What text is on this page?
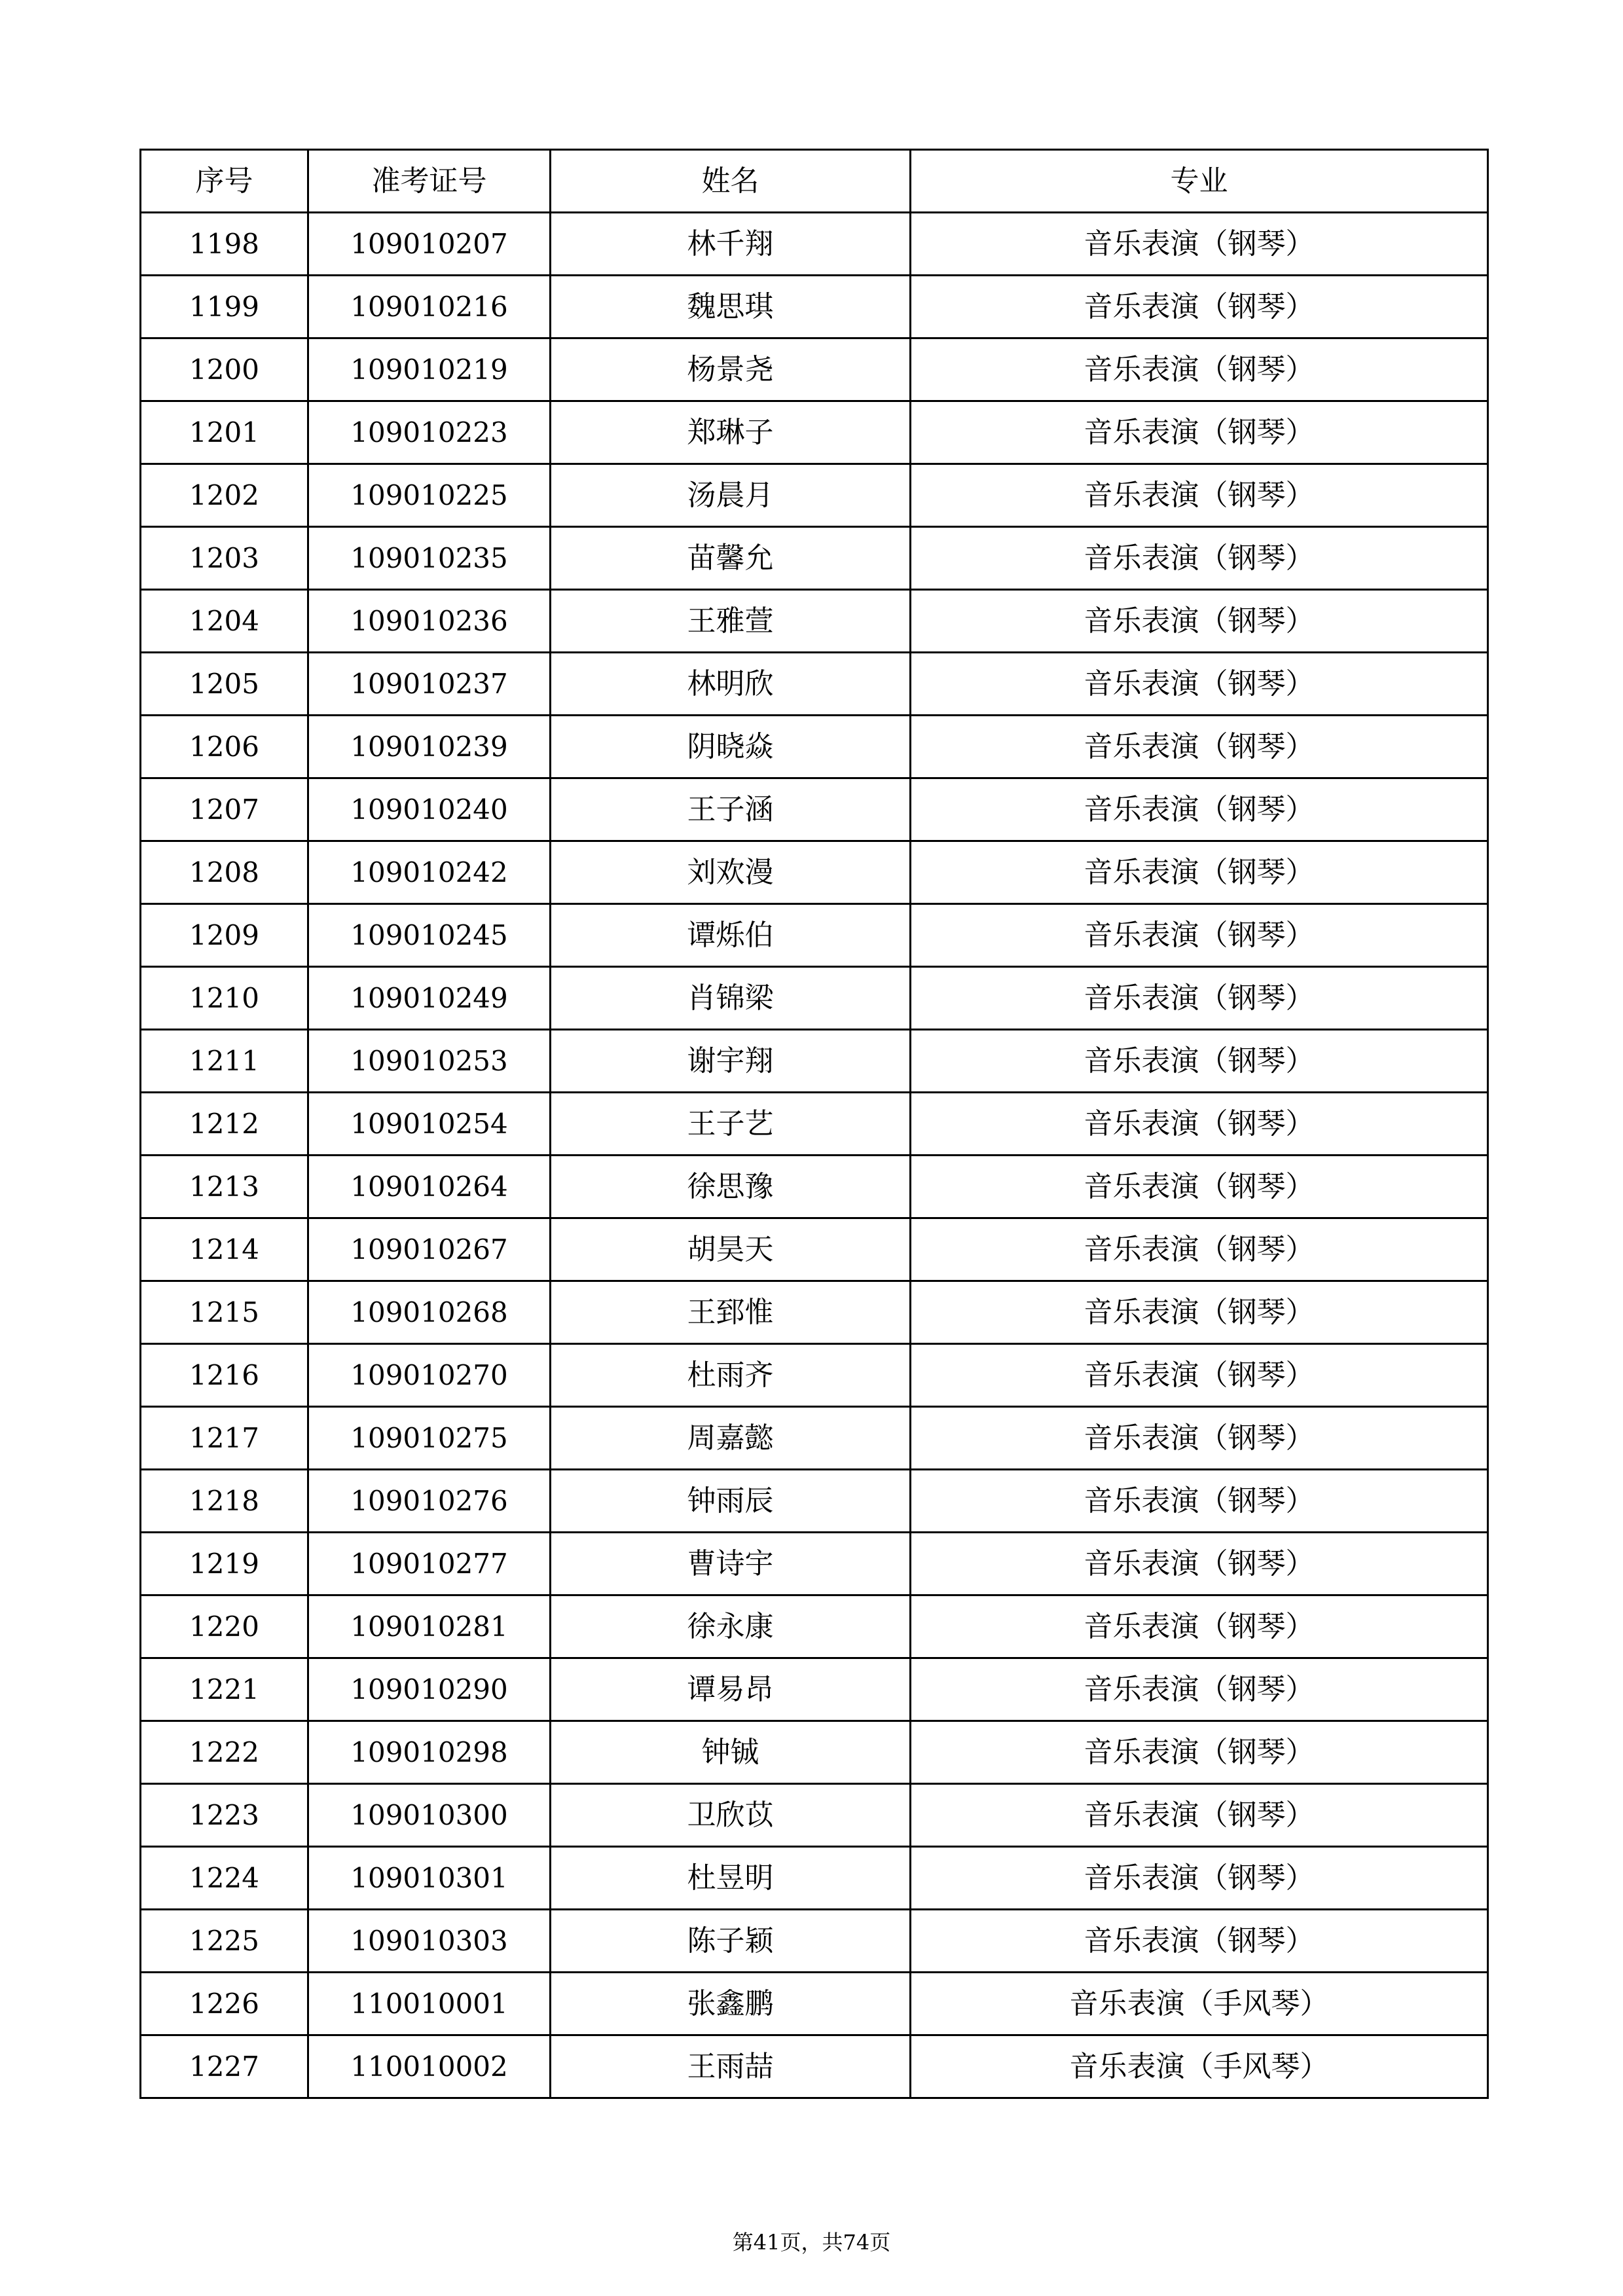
序号	准考证号	姓名	专业
1198	109010207	林千翔	音乐表演（钢琴）
1199	109010216	魏思琪	音乐表演（钢琴）
1200	109010219	杨景尧	音乐表演（钢琴）
1201	109010223	郑琳子	音乐表演（钢琴）
1202	109010225	汤晨月	音乐表演（钢琴）
1203	109010235	苗馨允	音乐表演（钢琴）
1204	109010236	王雅萱	音乐表演（钢琴）
1205	109010237	林明欣	音乐表演（钢琴）
1206	109010239	阴晓焱	音乐表演（钢琴）
1207	109010240	王子涵	音乐表演（钢琴）
1208	109010242	刘欢漫	音乐表演（钢琴）
1209	109010245	谭烁伯	音乐表演（钢琴）
1210	109010249	肖锦梁	音乐表演（钢琴）
1211	109010253	谢宇翔	音乐表演（钢琴）
1212	109010254	王子艺	音乐表演（钢琴）
1213	109010264	徐思豫	音乐表演（钢琴）
1214	109010267	胡昊天	音乐表演（钢琴）
1215	109010268	王郅惟	音乐表演（钢琴）
1216	109010270	杜雨齐	音乐表演（钢琴）
1217	109010275	周嘉懿	音乐表演（钢琴）
1218	109010276	钟雨辰	音乐表演（钢琴）
1219	109010277	曹诗宇	音乐表演（钢琴）
1220	109010281	徐永康	音乐表演（钢琴）
1221	109010290	谭易昂	音乐表演（钢琴）
1222	109010298	钟铖	音乐表演（钢琴）
1223	109010300	卫欣苡	音乐表演（钢琴）
1224	109010301	杜昱明	音乐表演（钢琴）
1225	109010303	陈子颖	音乐表演（钢琴）
1226	110010001	张鑫鹏	音乐表演（手风琴）
1227	110010002	王雨喆	音乐表演（手风琴）
第41页，共74页
